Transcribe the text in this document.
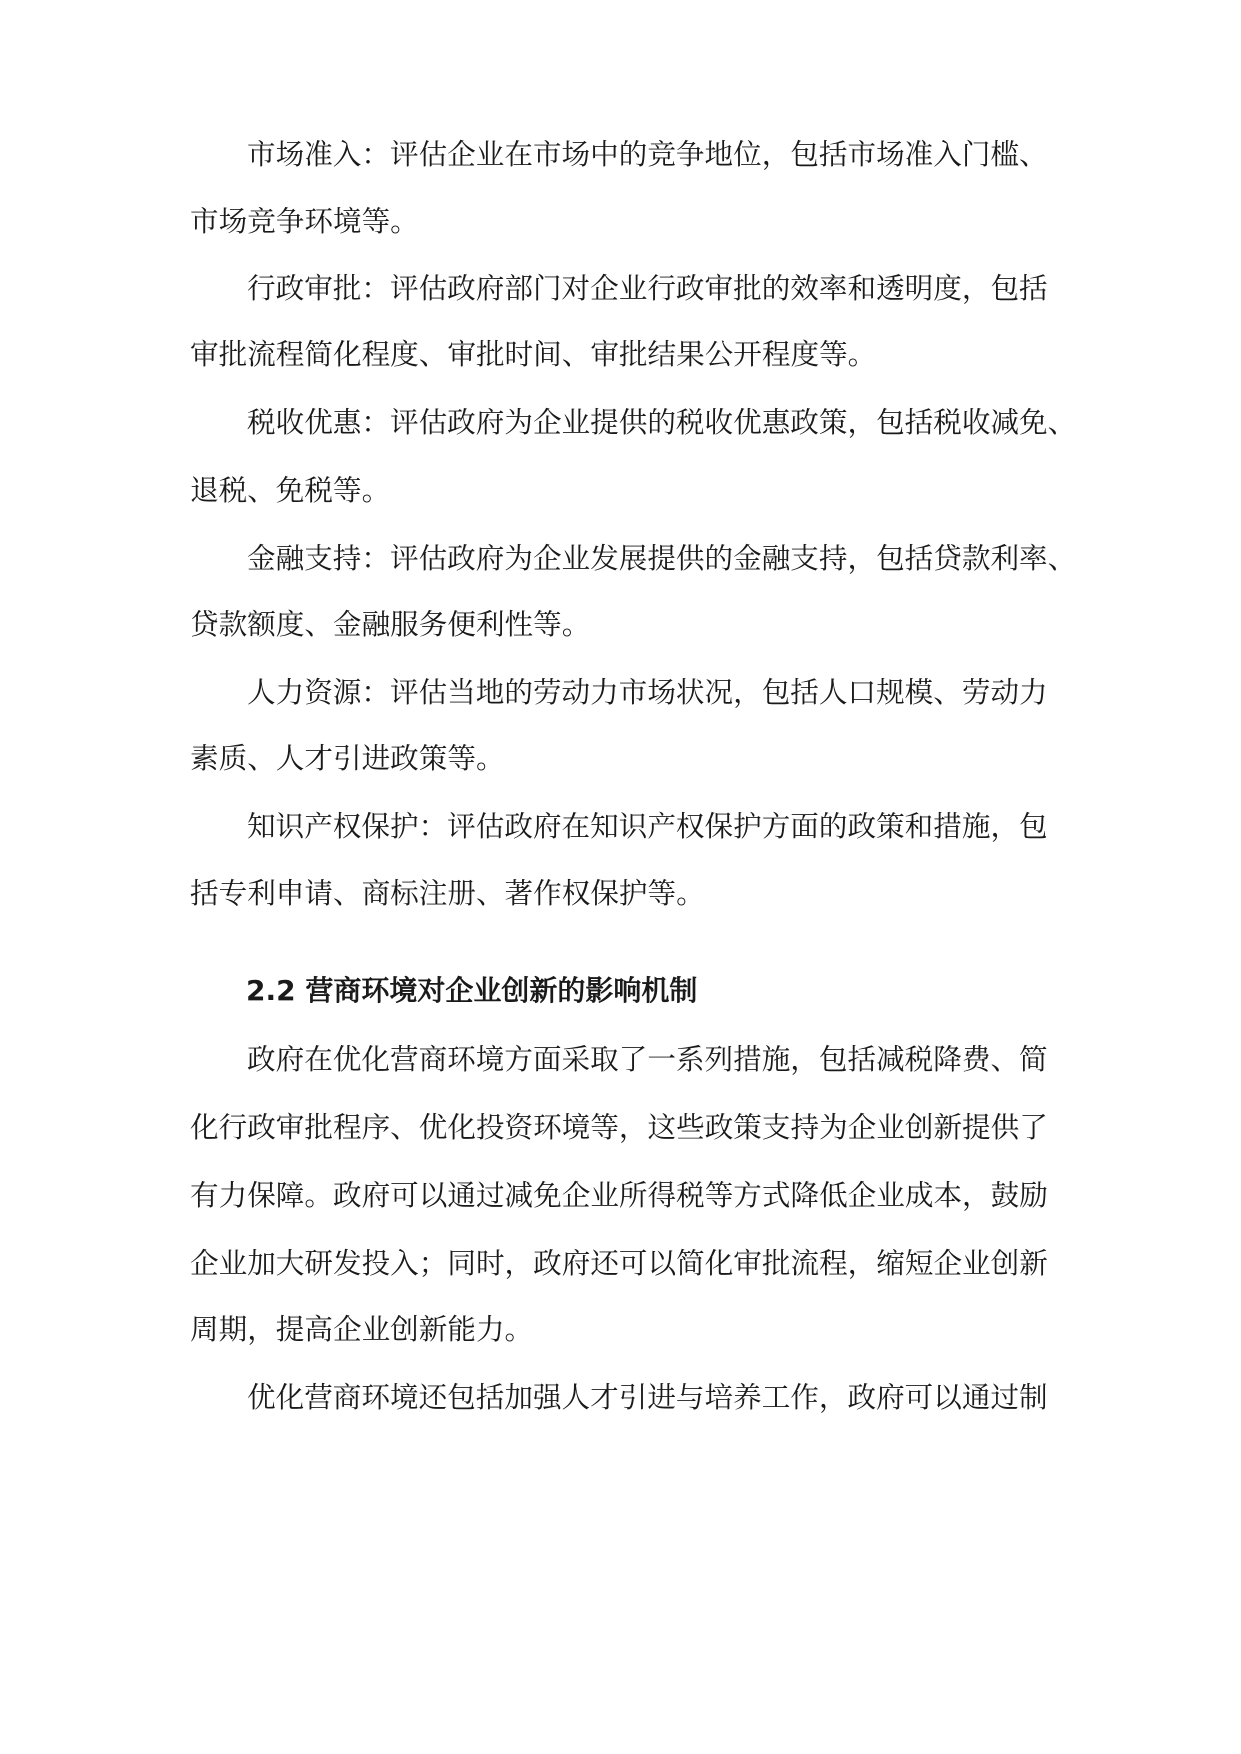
市场准入：评估企业在市场中的竞争地位，包括市场准入门槛、

市场竞争环境等。

行政审批：评估政府部门对企业行政审批的效率和透明度，包括

审批流程简化程度、审批时间、审批结果公开程度等。

税收优惠：评估政府为企业提供的税收优惠政策，包括税收减免、

退税、免税等。

金融支持：评估政府为企业发展提供的金融支持，包括贷款利率、

贷款额度、金融服务便利性等。

人力资源：评估当地的劳动力市场状况，包括人口规模、劳动力

素质、人才引进政策等。

知识产权保护：评估政府在知识产权保护方面的政策和措施，包

括专利申请、商标注册、著作权保护等。

2.2 营商环境对企业创新的影响机制

政府在优化营商环境方面采取了一系列措施，包括减税降费、简

化行政审批程序、优化投资环境等，这些政策支持为企业创新提供了

有力保障。政府可以通过减免企业所得税等方式降低企业成本，鼓励

企业加大研发投入；同时，政府还可以简化审批流程，缩短企业创新

周期，提高企业创新能力。

优化营商环境还包括加强人才引进与培养工作，政府可以通过制
